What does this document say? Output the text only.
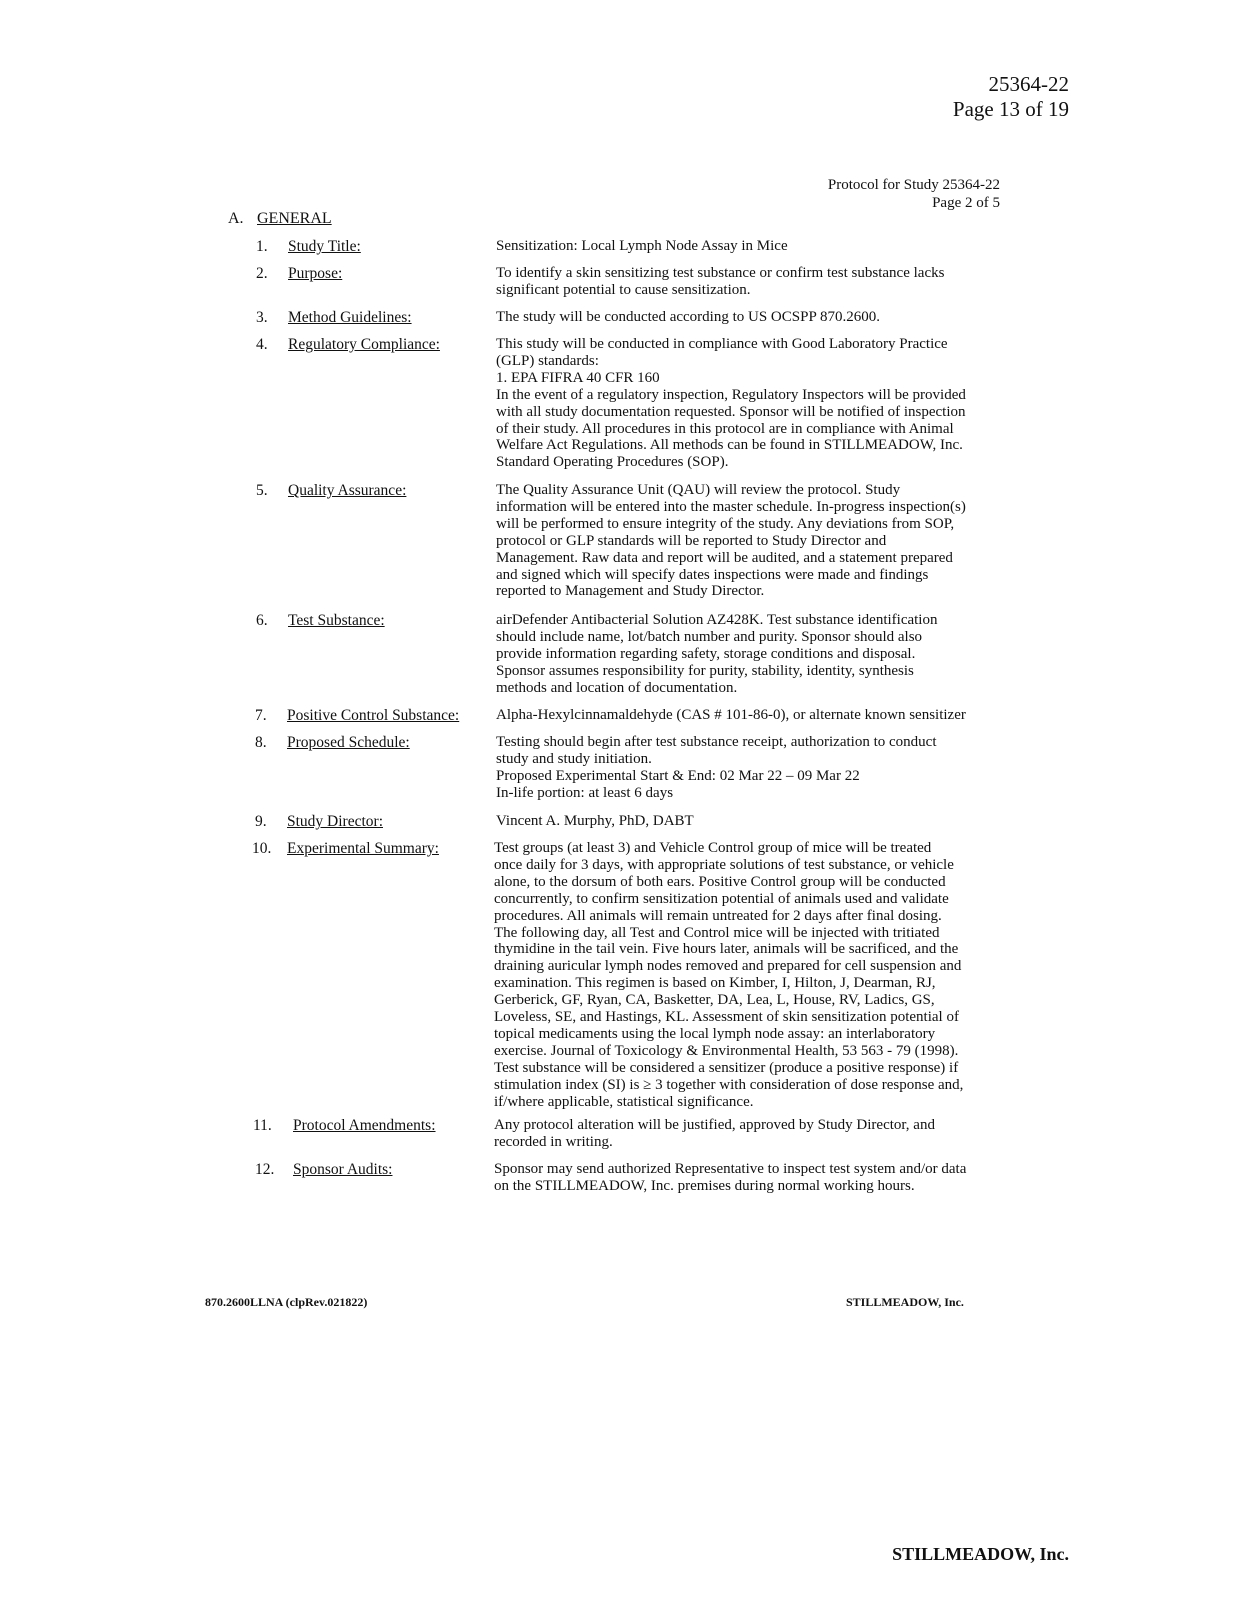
25364-22
Page 13 of 19
Protocol for Study 25364-22
Page 2 of 5
A. GENERAL
1. Study Title:	Sensitization: Local Lymph Node Assay in Mice
2. Purpose:	To identify a skin sensitizing test substance or confirm test substance lacks
significant potential to cause sensitization.
3. Method Guidelines:	The study will be conducted according to US OCSPP 870.2600.
4. Regulatory Compliance:	This study will be conducted in compliance with Good Laboratory Practice
(GLP) standards:
1. EPA FIFRA 40 CFR 160
In the event of a regulatory inspection, Regulatory Inspectors will be provided
with all study documentation requested. Sponsor will be notified of inspection
of their study. All procedures in this protocol are in compliance with Animal
Welfare Act Regulations. All methods can be found in STILLMEADOW, Inc.
Standard Operating Procedures (SOP).
5. Quality Assurance:	The Quality Assurance Unit (QAU) will review the protocol. Study
information will be entered into the master schedule. In-progress inspection(s)
will be performed to ensure integrity of the study. Any deviations from SOP,
protocol or GLP standards will be reported to Study Director and
Management. Raw data and report will be audited, and a statement prepared
and signed which will specify dates inspections were made and findings
reported to Management and Study Director.
6. Test Substance:	airDefender Antibacterial Solution AZ428K. Test substance identification
should include name, lot/batch number and purity. Sponsor should also
provide information regarding safety, storage conditions and disposal.
Sponsor assumes responsibility for purity, stability, identity, synthesis
methods and location of documentation.
7. Positive Control Substance: Alpha-Hexylcinnamaldehyde (CAS # 101-86-0), or alternate known sensitizer
8. Proposed Schedule:	Testing should begin after test substance receipt, authorization to conduct
study and study initiation.
Proposed Experimental Start & End: 02 Mar 22 – 09 Mar 22
In-life portion: at least 6 days
9. Study Director:	Vincent A. Murphy, PhD, DABT
10. Experimental Summary:	Test groups (at least 3) and Vehicle Control group of mice will be treated
once daily for 3 days, with appropriate solutions of test substance, or vehicle
alone, to the dorsum of both ears. Positive Control group will be conducted
concurrently, to confirm sensitization potential of animals used and validate
procedures. All animals will remain untreated for 2 days after final dosing.
The following day, all Test and Control mice will be injected with tritiated
thymidine in the tail vein. Five hours later, animals will be sacrificed, and the
draining auricular lymph nodes removed and prepared for cell suspension and
examination. This regimen is based on Kimber, I, Hilton, J, Dearman, RJ,
Gerberick, GF, Ryan, CA, Basketter, DA, Lea, L, House, RV, Ladics, GS,
Loveless, SE, and Hastings, KL. Assessment of skin sensitization potential of
topical medicaments using the local lymph node assay: an interlaboratory
exercise. Journal of Toxicology & Environmental Health, 53 563 - 79 (1998).
Test substance will be considered a sensitizer (produce a positive response) if
stimulation index (SI) is ≥ 3 together with consideration of dose response and,
if/where applicable, statistical significance.
11. Protocol Amendments:	Any protocol alteration will be justified, approved by Study Director, and
recorded in writing.
12. Sponsor Audits:	Sponsor may send authorized Representative to inspect test system and/or data
on the STILLMEADOW, Inc. premises during normal working hours.
870.2600LLNA (clpRev.021822)	STILLMEADOW, Inc.
STILLMEADOW, Inc.
